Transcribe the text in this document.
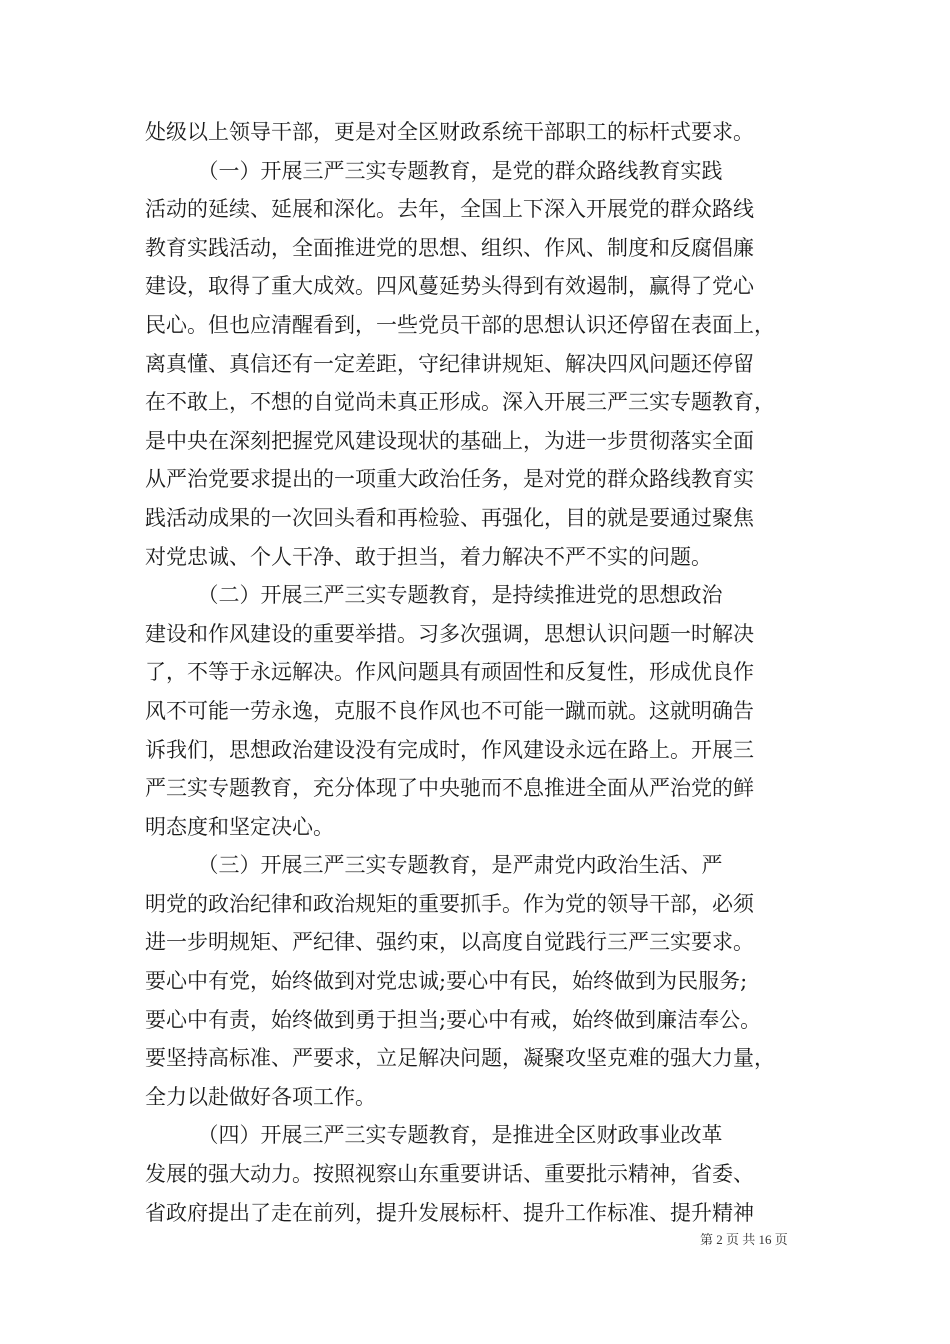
处级以上领导干部，更是对全区财政系统干部职工的标杆式要求。
　　　（一）开展三严三实专题教育，是党的群众路线教育实践
活动的延续、延展和深化。去年，全国上下深入开展党的群众路线
教育实践活动，全面推进党的思想、组织、作风、制度和反腐倡廉
建设，取得了重大成效。四风蔓延势头得到有效遏制，赢得了党心
民心。但也应清醒看到，一些党员干部的思想认识还停留在表面上，
离真懂、真信还有一定差距，守纪律讲规矩、解决四风问题还停留
在不敢上，不想的自觉尚未真正形成。深入开展三严三实专题教育，
是中央在深刻把握党风建设现状的基础上，为进一步贯彻落实全面
从严治党要求提出的一项重大政治任务，是对党的群众路线教育实
践活动成果的一次回头看和再检验、再强化，目的就是要通过聚焦
对党忠诚、个人干净、敢于担当，着力解决不严不实的问题。
　　　（二）开展三严三实专题教育，是持续推进党的思想政治
建设和作风建设的重要举措。习多次强调，思想认识问题一时解决
了，不等于永远解决。作风问题具有顽固性和反复性，形成优良作
风不可能一劳永逸，克服不良作风也不可能一蹴而就。这就明确告
诉我们，思想政治建设没有完成时，作风建设永远在路上。开展三
严三实专题教育，充分体现了中央驰而不息推进全面从严治党的鲜
明态度和坚定决心。
　　　（三）开展三严三实专题教育，是严肃党内政治生活、严
明党的政治纪律和政治规矩的重要抓手。作为党的领导干部，必须
进一步明规矩、严纪律、强约束，以高度自觉践行三严三实要求。
要心中有党，始终做到对党忠诚;要心中有民，始终做到为民服务;
要心中有责，始终做到勇于担当;要心中有戒，始终做到廉洁奉公。
要坚持高标准、严要求，立足解决问题，凝聚攻坚克难的强大力量，
全力以赴做好各项工作。
　　　（四）开展三严三实专题教育，是推进全区财政事业改革
发展的强大动力。按照视察山东重要讲话、重要批示精神，省委、
省政府提出了走在前列，提升发展标杆、提升工作标准、提升精神
第 2 页 共 16 页
